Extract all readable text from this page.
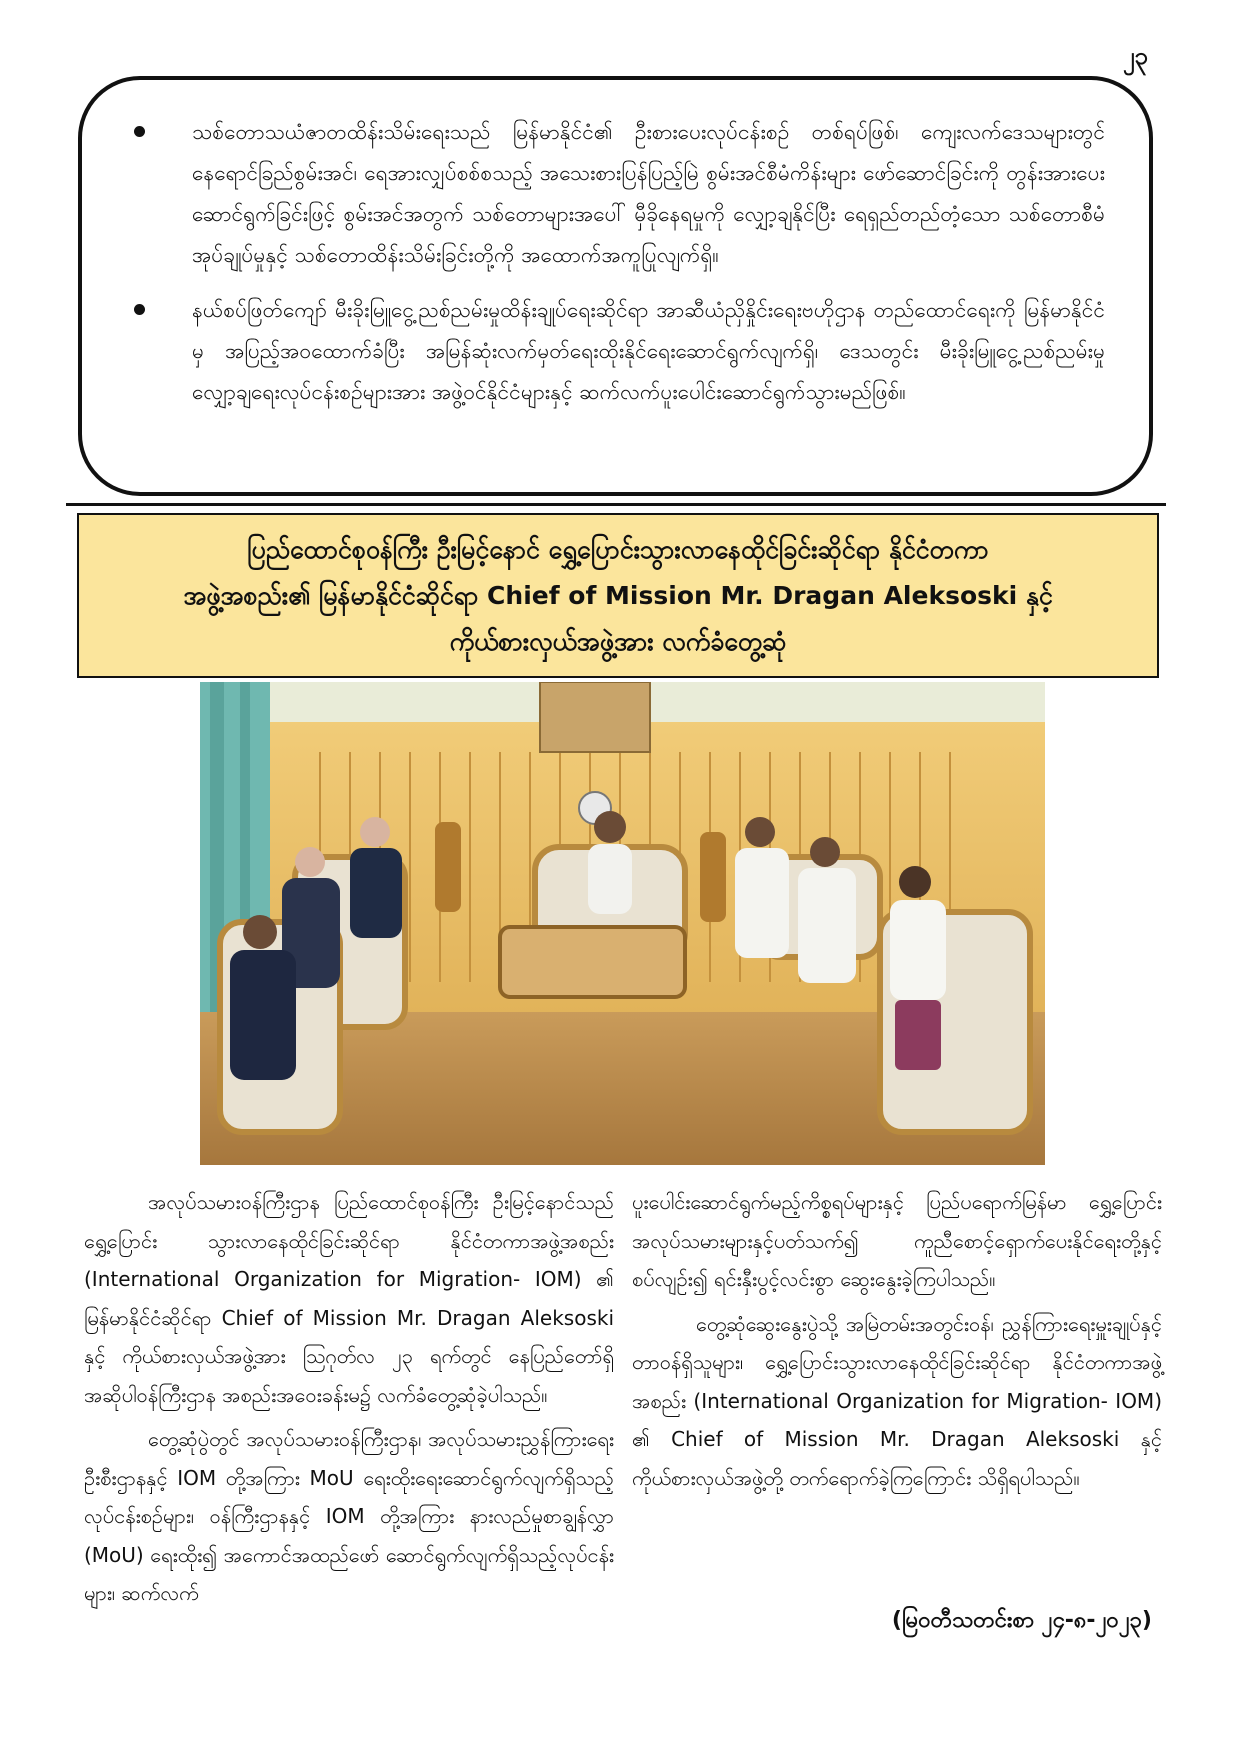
၂၃
သစ်တောသယံဇာတထိန်းသိမ်းရေးသည် မြန်မာနိုင်ငံ၏ ဦးစားပေးလုပ်ငန်းစဉ် တစ်ရပ်ဖြစ်၊ ကျေးလက်ဒေသများတွင် နေရောင်ခြည်စွမ်းအင်၊ ရေအားလျှပ်စစ်စသည့် အသေးစားပြန်ပြည့်မြဲ စွမ်းအင်စီမံကိန်းများ ဖော်ဆောင်ခြင်းကို တွန်းအားပေးဆောင်ရွက်ခြင်းဖြင့် စွမ်းအင်အတွက် သစ်တောများအပေါ် မှီခိုနေရမှုကို လျှော့ချနိုင်ပြီး ရေရှည်တည်တံ့သော သစ်တောစီမံအုပ်ချုပ်မှုနှင့် သစ်တောထိန်းသိမ်းခြင်းတို့ကို အထောက်အကူပြုလျက်ရှိ။
နယ်စပ်ဖြတ်ကျော် မီးခိုးမြူငွေ့ညစ်ညမ်းမှုထိန်းချုပ်ရေးဆိုင်ရာ အာဆီယံညှိနှိုင်းရေးဗဟိုဌာန တည်ထောင်ရေးကို မြန်မာနိုင်ငံမှ အပြည့်အဝထောက်ခံပြီး အမြန်ဆုံးလက်မှတ်ရေးထိုးနိုင်ရေးဆောင်ရွက်လျက်ရှိ၊ ဒေသတွင်း မီးခိုးမြူငွေ့ညစ်ညမ်းမှု လျှော့ချရေးလုပ်ငန်းစဉ်များအား အဖွဲ့ဝင်နိုင်ငံများနှင့် ဆက်လက်ပူးပေါင်းဆောင်ရွက်သွားမည်ဖြစ်။
ပြည်ထောင်စုဝန်ကြီး ဦးမြင့်နောင် ရွှေ့ပြောင်းသွားလာနေထိုင်ခြင်းဆိုင်ရာ နိုင်ငံတကာ
အဖွဲ့အစည်း၏ မြန်မာနိုင်ငံဆိုင်ရာ Chief of Mission Mr. Dragan Aleksoski နှင့်
ကိုယ်စားလှယ်အဖွဲ့အား လက်ခံတွေ့ဆုံ

အလုပ်သမားဝန်ကြီးဌာန ပြည်ထောင်စုဝန်ကြီး ဦးမြင့်နောင်သည် ရွှေ့ပြောင်း သွားလာနေထိုင်ခြင်းဆိုင်ရာ နိုင်ငံတကာအဖွဲ့အစည်း (International Organization for Migration- IOM) ၏ မြန်မာနိုင်ငံဆိုင်ရာ Chief of Mission Mr. Dragan Aleksoski နှင့် ကိုယ်စားလှယ်အဖွဲ့အား ဩဂုတ်လ ၂၃ ရက်တွင် နေပြည်တော်ရှိ အဆိုပါဝန်ကြီးဌာန အစည်းအဝေးခန်းမ၌ လက်ခံတွေ့ဆုံခဲ့ပါသည်။

တွေ့ဆုံပွဲတွင် အလုပ်သမားဝန်ကြီးဌာန၊ အလုပ်သမားညွှန်ကြားရေးဦးစီးဌာနနှင့် IOM တို့အကြား MoU ရေးထိုးရေးဆောင်ရွက်လျက်ရှိသည့်လုပ်ငန်းစဉ်များ၊ ဝန်ကြီးဌာနနှင့် IOM တို့အကြား နားလည်မှုစာချွန်လွှာ (MoU) ရေးထိုး၍ အကောင်အထည်ဖော် ဆောင်ရွက်လျက်ရှိသည့်လုပ်ငန်းများ၊ ဆက်လက်

ပူးပေါင်းဆောင်ရွက်မည့်ကိစ္စရပ်များနှင့် ပြည်ပရောက်မြန်မာ ရွှေ့ပြောင်းအလုပ်သမားများနှင့်ပတ်သက်၍ ကူညီစောင့်ရှောက်ပေးနိုင်ရေးတို့နှင့်စပ်လျဉ်း၍ ရင်းနှီးပွင့်လင်းစွာ ဆွေးနွေးခဲ့ကြပါသည်။

တွေ့ဆုံဆွေးနွေးပွဲသို့ အမြဲတမ်းအတွင်းဝန်၊ ညွှန်ကြားရေးမှူးချုပ်နှင့် တာဝန်ရှိသူများ၊ ရွှေ့ပြောင်းသွားလာနေထိုင်ခြင်းဆိုင်ရာ နိုင်ငံတကာအဖွဲ့အစည်း (International Organization for Migration- IOM) ၏ Chief of Mission Mr. Dragan Aleksoski နှင့် ကိုယ်စားလှယ်အဖွဲ့တို့ တက်ရောက်ခဲ့ကြကြောင်း သိရှိရပါသည်။

(မြဝတီသတင်းစာ ၂၄-၈-၂၀၂၃)
